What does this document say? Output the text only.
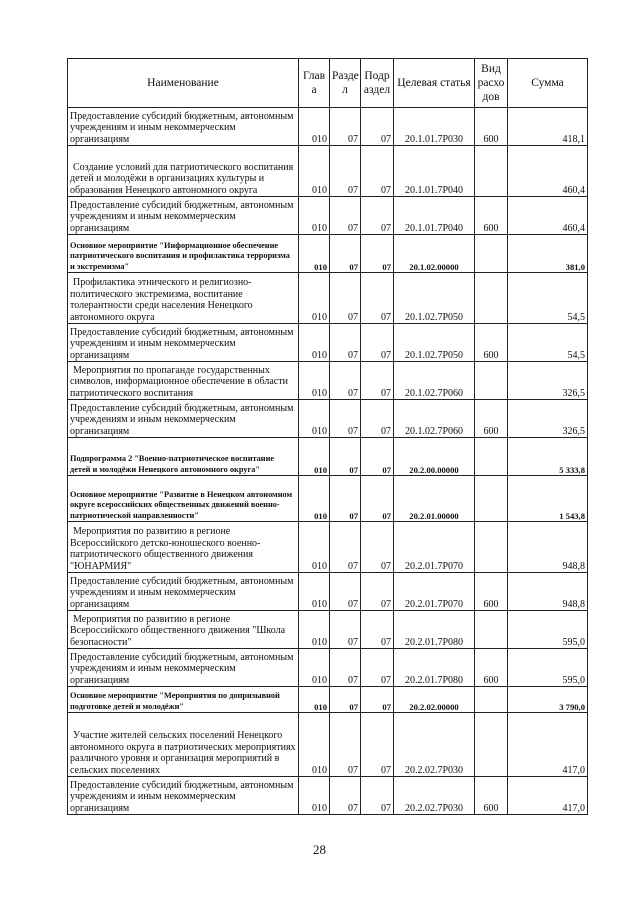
Наименование	Глав а	Разде л	Подр аздел	Целевая статья	Вид расхо дов	Сумма
Предоставление субсидий бюджетным, автономным учреждениям и иным некоммерческим организациям	010	07	07	20.1.01.7Р030	600	418,1
Создание условий для патриотического воспитания детей и молодёжи в организациях культуры и образования Ненецкого автономного округа	010	07	07	20.1.01.7Р040		460,4
Предоставление субсидий бюджетным, автономным учреждениям и иным некоммерческим организациям	010	07	07	20.1.01.7Р040	600	460,4
Основное мероприятие "Информационное обеспечение патриотического воспитания и профилактика терроризма и экстремизма"	010	07	07	20.1.02.00000		381,0
Профилактика этнического и религиозно-политического экстремизма, воспитание толерантности среди населения Ненецкого автономного округа	010	07	07	20.1.02.7Р050		54,5
Предоставление субсидий бюджетным, автономным учреждениям и иным некоммерческим организациям	010	07	07	20.1.02.7Р050	600	54,5
Мероприятия по пропаганде государственных символов, информационное обеспечение в области патриотического воспитания	010	07	07	20.1.02.7Р060		326,5
Предоставление субсидий бюджетным, автономным учреждениям и иным некоммерческим организациям	010	07	07	20.1.02.7Р060	600	326,5
Подпрограмма 2 "Военно-патриотическое воспитание детей и молодёжи Ненецкого автономного округа"	010	07	07	20.2.00.00000		5 333,8
Основное мероприятие "Развитие в Ненецком автономном округе всероссийских общественных движений военно-патриотической направленности"	010	07	07	20.2.01.00000		1 543,8
Мероприятия по развитию в регионе Всероссийского детско-юношеского военно-патриотического общественного движения "ЮНАРМИЯ"	010	07	07	20.2.01.7Р070		948,8
Предоставление субсидий бюджетным, автономным учреждениям и иным некоммерческим организациям	010	07	07	20.2.01.7Р070	600	948,8
Мероприятия по развитию в регионе Всероссийского общественного движения "Школа безопасности"	010	07	07	20.2.01.7Р080		595,0
Предоставление субсидий бюджетным, автономным учреждениям и иным некоммерческим организациям	010	07	07	20.2.01.7Р080	600	595,0
Основное мероприятие "Мероприятия по допризывной подготовке детей и молодёжи"	010	07	07	20.2.02.00000		3 790,0
Участие жителей сельских поселений Ненецкого автономного округа в патриотических мероприятиях различного уровня и организация мероприятий в сельских поселениях	010	07	07	20.2.02.7Р030		417,0
Предоставление субсидий бюджетным, автономным учреждениям и иным некоммерческим организациям	010	07	07	20.2.02.7Р030	600	417,0
28
